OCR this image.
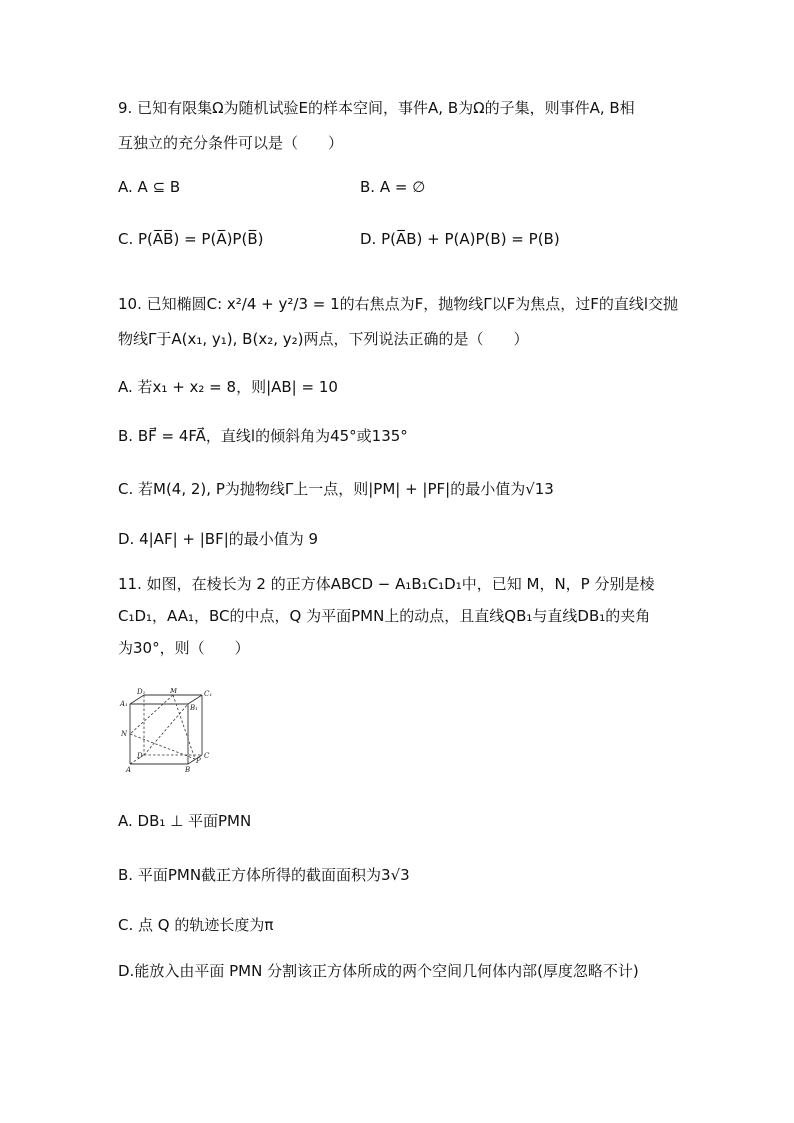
9. 已知有限集Ω为随机试验E的样本空间，事件A, B为Ω的子集，则事件A, B相
互独立的充分条件可以是（　　）
A. A ⊆ B	B. A = ∅
C. P(A̅B̅) = P(A̅)P(B̅)	D. P(A̅B) + P(A)P(B) = P(B)
10. 已知椭圆C: x²/4 + y²/3 = 1的右焦点为F，抛物线Γ以F为焦点，过F的直线l交抛
物线Γ于A(x₁, y₁), B(x₂, y₂)两点，下列说法正确的是（　　）
A. 若x₁ + x₂ = 8，则|AB| = 10
B. BF⃗ = 4FA⃗，直线l的倾斜角为45°或135°
C. 若M(4, 2), P为抛物线Γ上一点，则|PM| + |PF|的最小值为√13
D. 4|AF| + |BF|的最小值为 9
11. 如图，在棱长为 2 的正方体ABCD − A₁B₁C₁D₁中，已知 M，N，P 分别是棱
C₁D₁，AA₁，BC的中点，Q 为平面PMN上的动点，且直线QB₁与直线DB₁的夹角
为30°，则（　　）
D₁	M	C₁
A₁	B₁
N
D	C
P
A	B
A. DB₁ ⊥ 平面PMN
B. 平面PMN截正方体所得的截面面积为3√3
C. 点 Q 的轨迹长度为π
D.能放入由平面 PMN 分割该正方体所成的两个空间几何体内部(厚度忽略不计)
